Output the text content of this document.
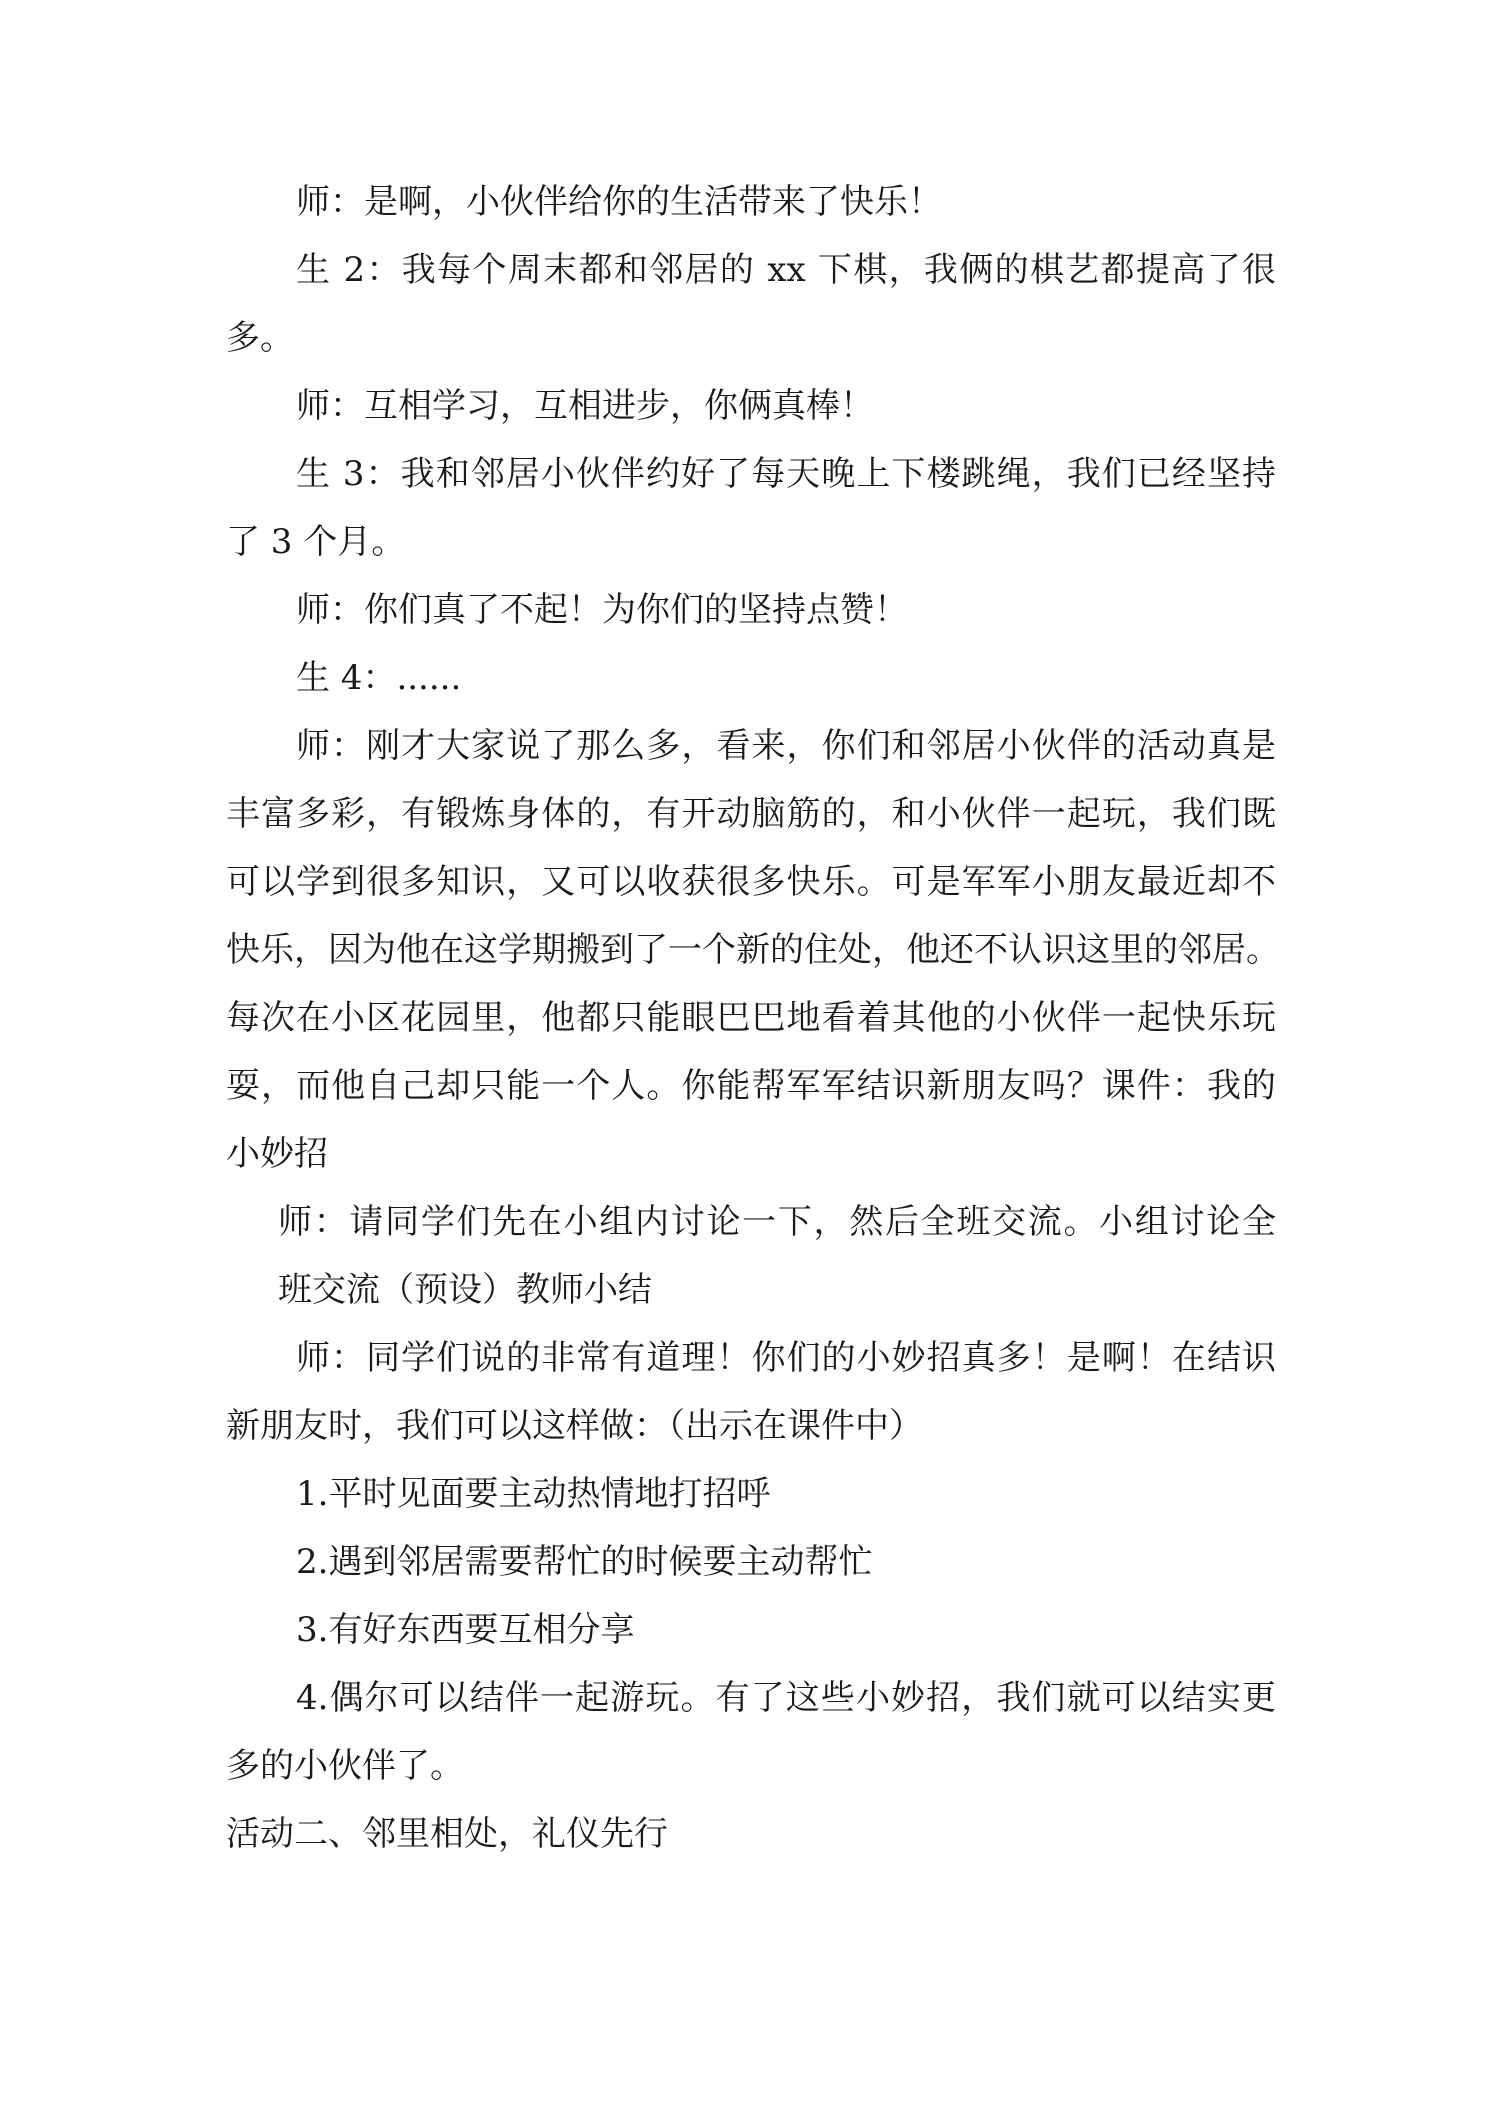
师：是啊，小伙伴给你的生活带来了快乐！
生 2：我每个周末都和邻居的 xx 下棋，我俩的棋艺都提高了很
多。
师：互相学习，互相进步，你俩真棒！
生 3：我和邻居小伙伴约好了每天晚上下楼跳绳，我们已经坚持
了 3 个月。
师：你们真了不起！为你们的坚持点赞！
生 4：......
师：刚才大家说了那么多，看来，你们和邻居小伙伴的活动真是
丰富多彩，有锻炼身体的，有开动脑筋的，和小伙伴一起玩，我们既
可以学到很多知识，又可以收获很多快乐。可是军军小朋友最近却不
快乐，因为他在这学期搬到了一个新的住处，他还不认识这里的邻居。
每次在小区花园里，他都只能眼巴巴地看着其他的小伙伴一起快乐玩
耍，而他自己却只能一个人。你能帮军军结识新朋友吗？课件：我的
小妙招
师：请同学们先在小组内讨论一下，然后全班交流。小组讨论全
班交流（预设）教师小结
师：同学们说的非常有道理！你们的小妙招真多！是啊！在结识
新朋友时，我们可以这样做：（出示在课件中）
1.平时见面要主动热情地打招呼
2.遇到邻居需要帮忙的时候要主动帮忙
3.有好东西要互相分享
4.偶尔可以结伴一起游玩。有了这些小妙招，我们就可以结实更
多的小伙伴了。
活动二、邻里相处，礼仪先行
